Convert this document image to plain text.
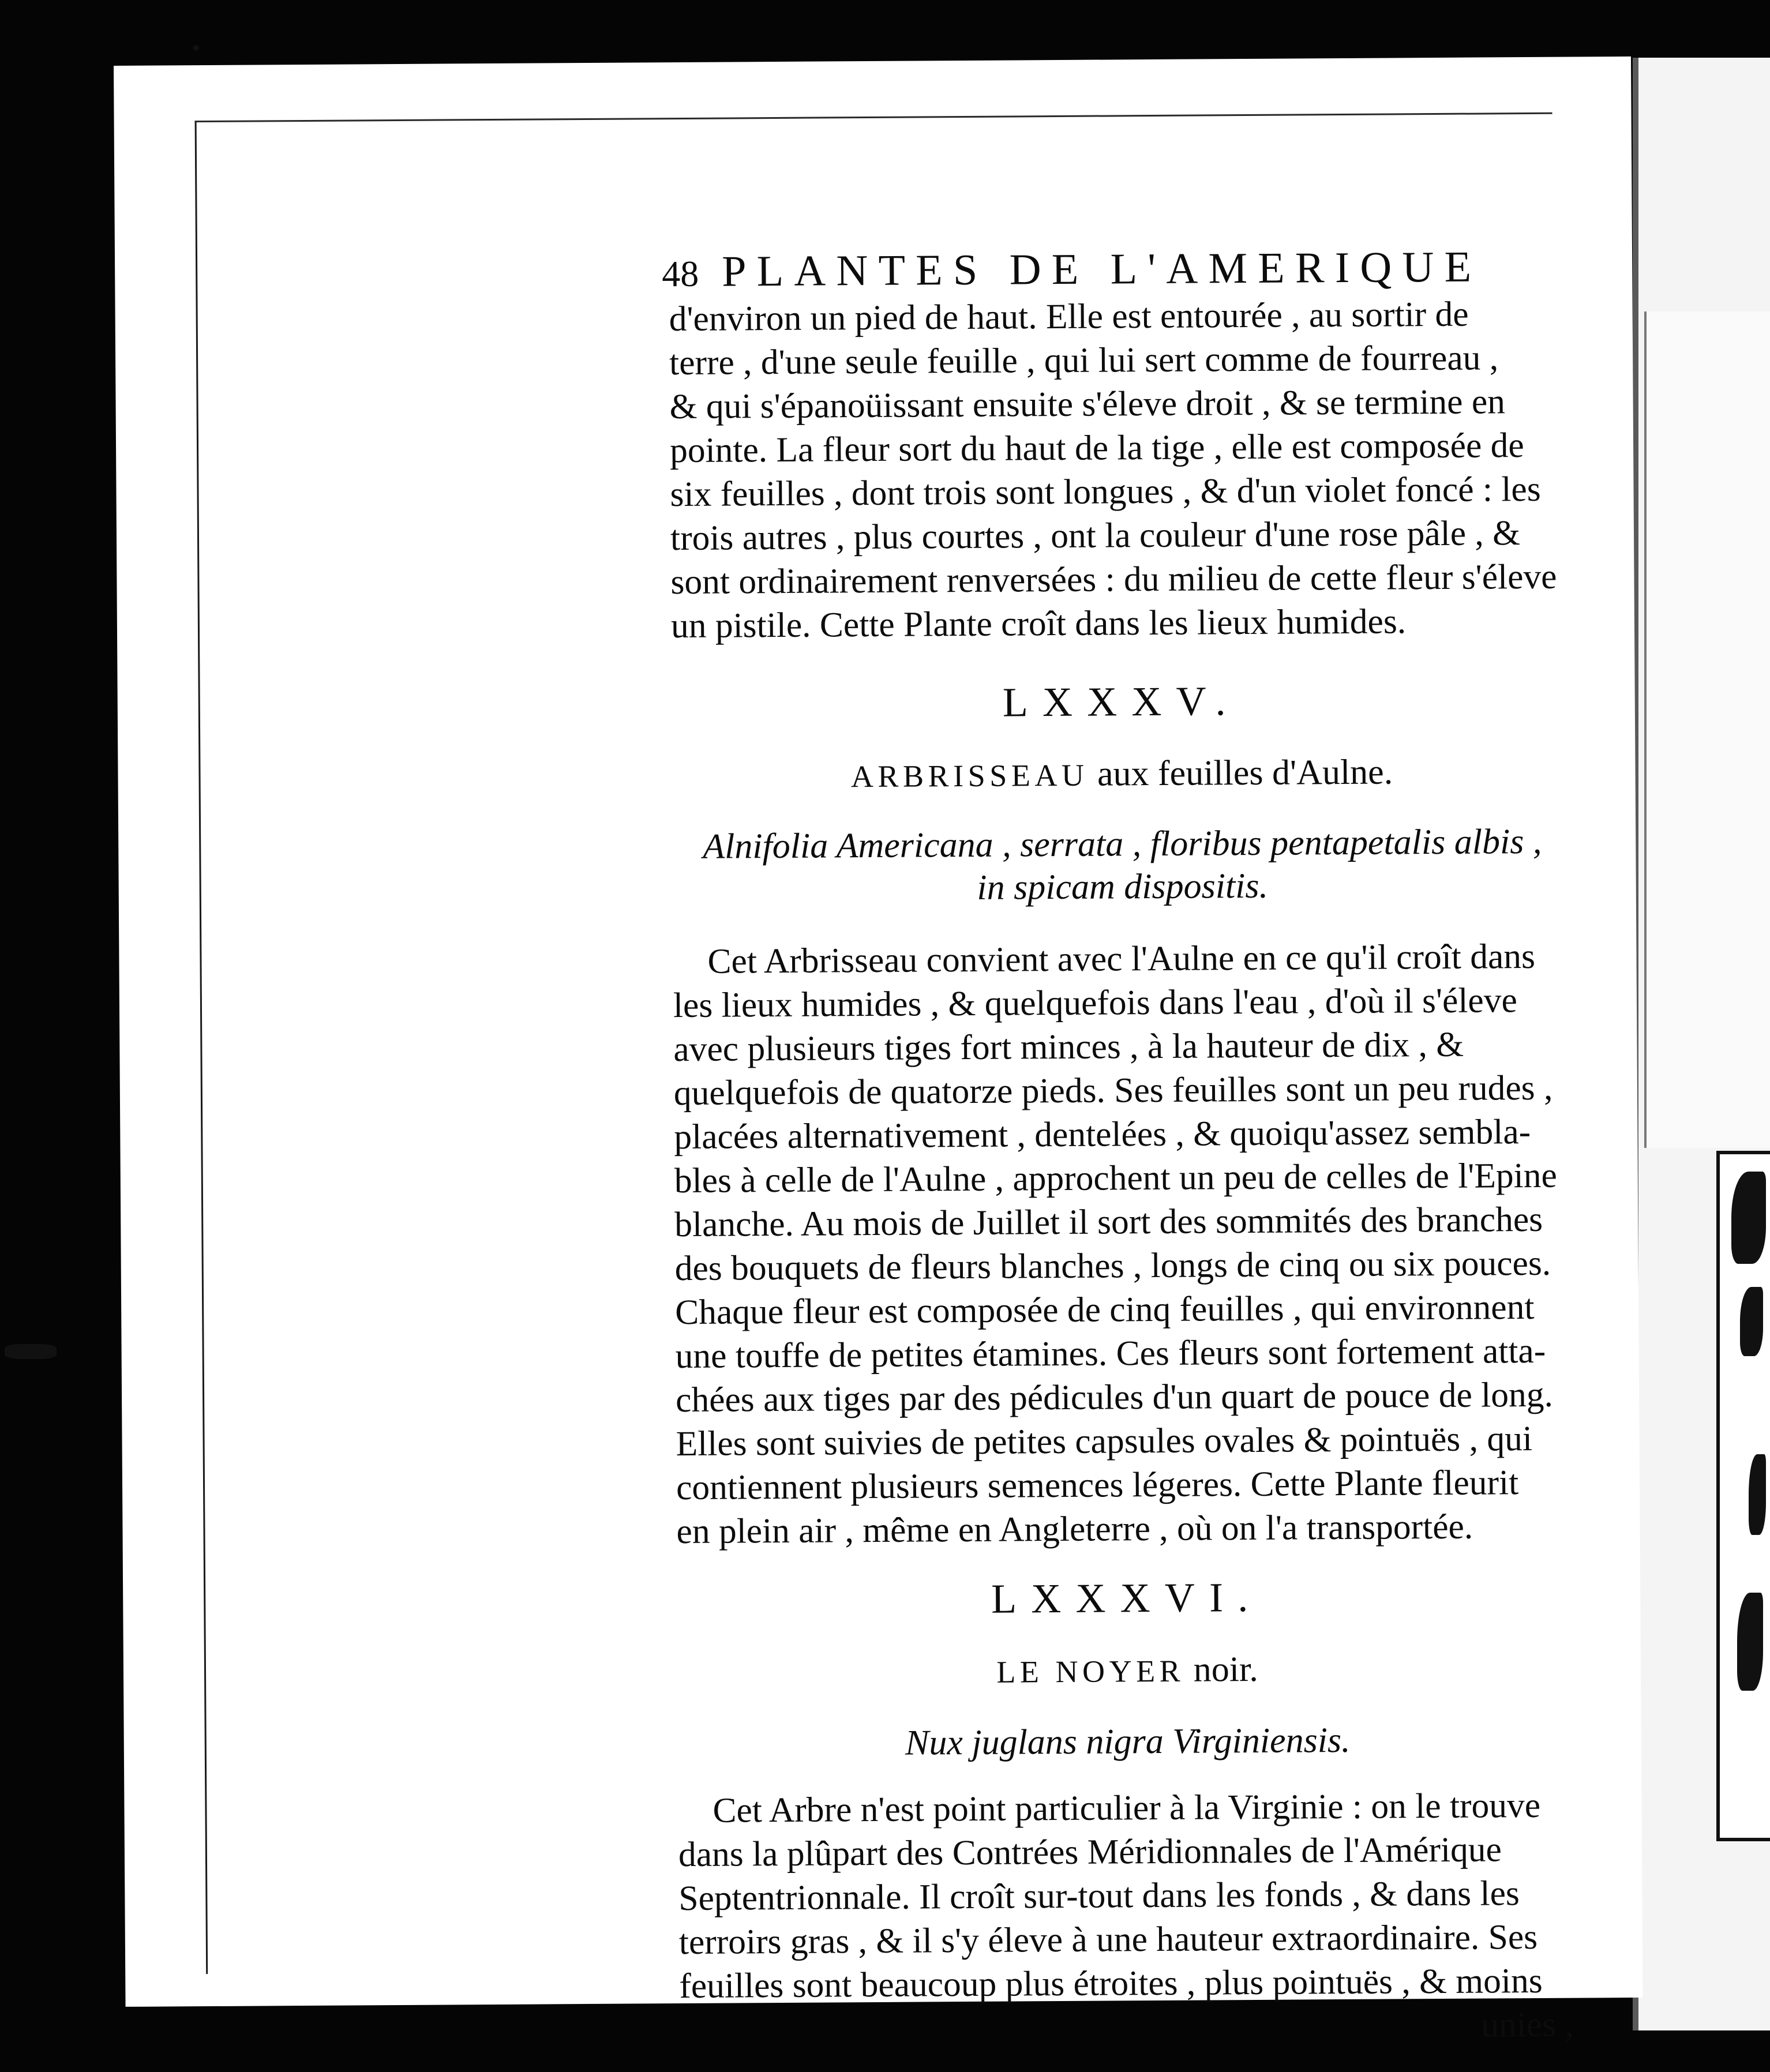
48 PLANTES DE L'AMERIQUE

d'environ un pied de haut. Elle est entourée , au sortir de
terre , d'une seule feuille , qui lui sert comme de fourreau ,
& qui s'épanoüissant ensuite s'éleve droit , & se termine en
pointe. La fleur sort du haut de la tige , elle est composée de
six feuilles , dont trois sont longues , & d'un violet foncé : les
trois autres , plus courtes , ont la couleur d'une rose pâle , &
sont ordinairement renversées : du milieu de cette fleur s'éleve
un pistile. Cette Plante croît dans les lieux humides.

LXXXV.

ARBRISSEAU aux feuilles d'Aulne.

Alnifolia Americana , serrata , floribus pentapetalis albis ,
in spicam dispositis.

Cet Arbrisseau convient avec l'Aulne en ce qu'il croît dans
les lieux humides , & quelquefois dans l'eau , d'où il s'éleve
avec plusieurs tiges fort minces , à la hauteur de dix , &
quelquefois de quatorze pieds. Ses feuilles sont un peu rudes ,
placées alternativement , dentelées , & quoiqu'assez sembla-
bles à celle de l'Aulne , approchent un peu de celles de l'Epine
blanche. Au mois de Juillet il sort des sommités des branches
des bouquets de fleurs blanches , longs de cinq ou six pouces.
Chaque fleur est composée de cinq feuilles , qui environnent
une touffe de petites étamines. Ces fleurs sont fortement atta-
chées aux tiges par des pédicules d'un quart de pouce de long.
Elles sont suivies de petites capsules ovales & pointuës , qui
contiennent plusieurs semences légeres. Cette Plante fleurit
en plein air , même en Angleterre , où on l'a transportée.

LXXXVI.

LE NOYER noir.

Nux juglans nigra Virginiensis.

Cet Arbre n'est point particulier à la Virginie : on le trouve
dans la plûpart des Contrées Méridionnales de l'Amérique
Septentrionnale. Il croît sur-tout dans les fonds , & dans les
terroirs gras , & il s'y éleve à une hauteur extraordinaire. Ses
feuilles sont beaucoup plus étroites , plus pointuës , & moins

unies ,
